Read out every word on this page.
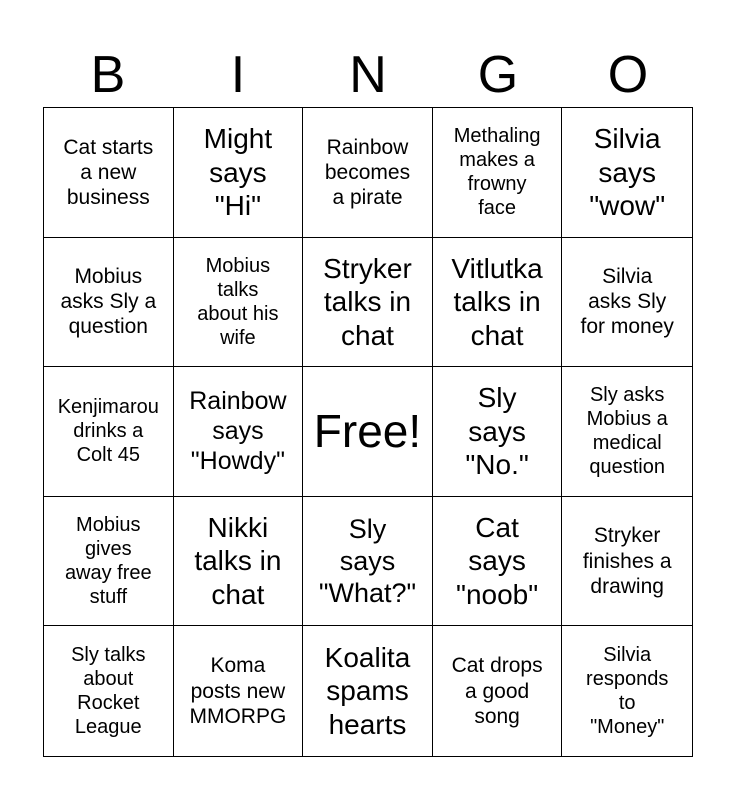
B	I	N	G	O
Cat starts
a new
business
Might
says
"Hi"
Rainbow
becomes
a pirate
Methaling
makes a
frowny
face
Silvia
says
"wow"
Mobius
asks Sly a
question
Mobius
talks
about his
wife
Stryker
talks in
chat
Vitlutka
talks in
chat
Silvia
asks Sly
for money
Kenjimarou
drinks a
Colt 45
Rainbow
says
"Howdy"
Free!
Sly
says
"No."
Sly asks
Mobius a
medical
question
Mobius
gives
away free
stuff
Nikki
talks in
chat
Sly
says
"What?"
Cat
says
"noob"
Stryker
finishes a
drawing
Sly talks
about
Rocket
League
Koma
posts new
MMORPG
Koalita
spams
hearts
Cat drops
a good
song
Silvia
responds
to
"Money"
